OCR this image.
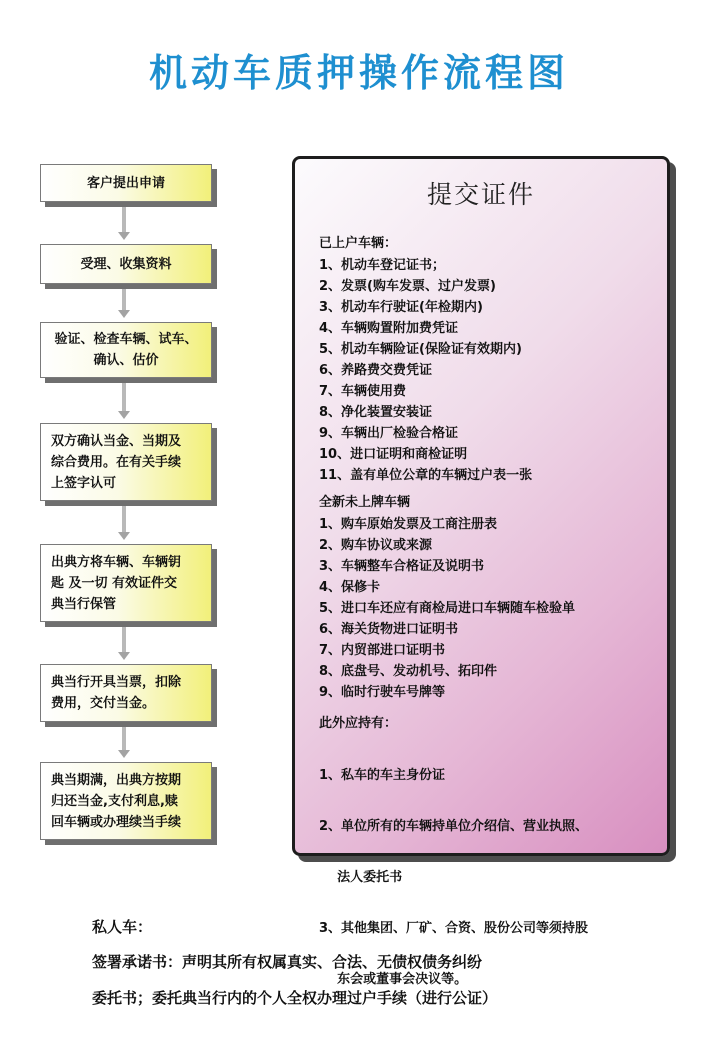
机动车质押操作流程图
客户提出申请
受理、收集资料
验证、检查车辆、试车、
确认、估价
双方确认当金、当期及
综合费用。在有关手续
上签字认可
出典方将车辆、车辆钥
匙 及一切 有效证件交
典当行保管
典当行开具当票，扣除
费用，交付当金。
典当期满，出典方按期
归还当金,支付利息,赎
回车辆或办理续当手续
提交证件
已上户车辆：
1、机动车登记证书；
2、发票(购车发票、过户发票)
3、机动车行驶证(年检期内)
4、车辆购置附加费凭证
5、机动车辆险证(保险证有效期内)
6、养路费交费凭证
7、车辆使用费
8、净化装置安装证
9、车辆出厂检验合格证
10、进口证明和商检证明
11、盖有单位公章的车辆过户表一张
全新未上牌车辆
1、购车原始发票及工商注册表
2、购车协议或来源
3、车辆整车合格证及说明书
4、保修卡
5、进口车还应有商检局进口车辆随车检验单
6、海关货物进口证明书
7、内贸部进口证明书
8、底盘号、发动机号、拓印件
9、临时行驶车号牌等
此外应持有：

1、私车的车主身份证

2、单位所有的车辆持单位介绍信、营业执照、

法人委托书

3、其他集团、厂矿、合资、股份公司等须持股

东会或董事会决议等。

私人车：
签署承诺书：声明其所有权属真实、合法、无债权债务纠纷
委托书；委托典当行内的个人全权办理过户手续（进行公证）
